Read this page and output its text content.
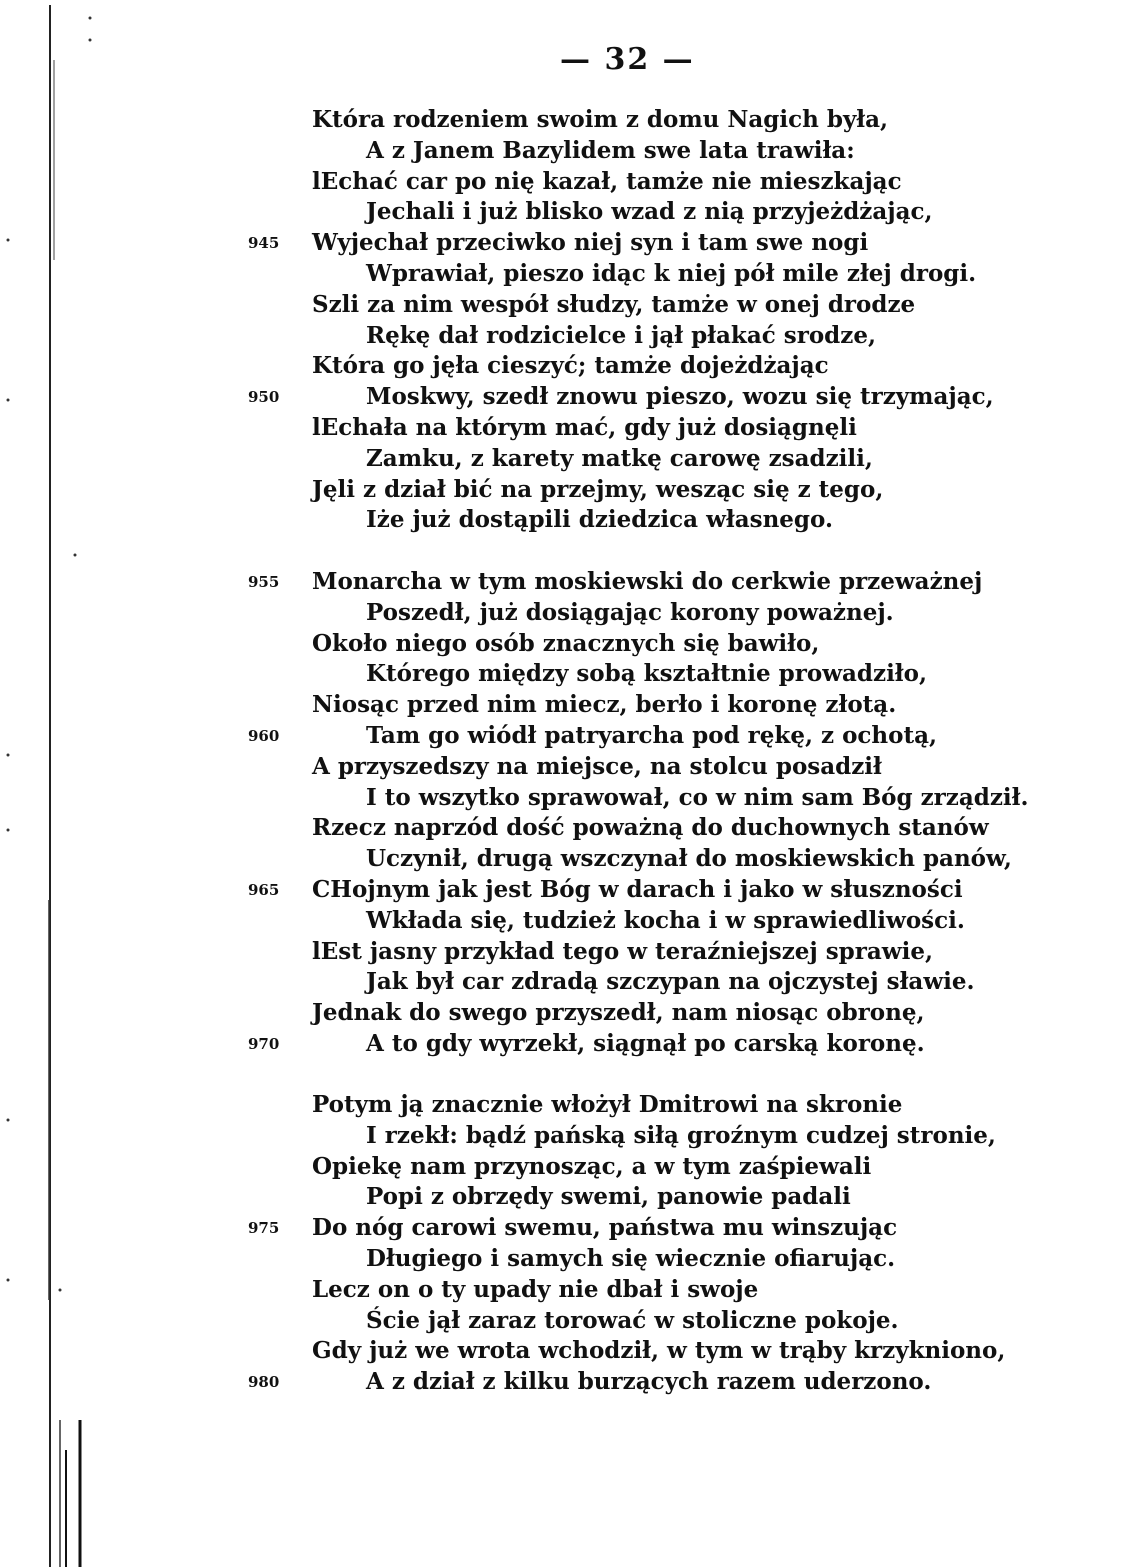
— 32 —
Która rodzeniem swoim z domu Nagich była,
A z Janem Bazylidem swe lata trawiła:
lEchać car po nię kazał, tamże nie mieszkając
Jechali i już blisko wzad z nią przyjeżdżając,
945 Wyjechał przeciwko niej syn i tam swe nogi
Wprawiał, pieszo idąc k niej pół mile złej drogi.
Szli za nim wespół słudzy, tamże w onej drodze
Rękę dał rodzicielce i jął płakać srodze,
Która go jęła cieszyć; tamże dojeżdżając
950	Moskwy, szedł znowu pieszo, wozu się trzymając,
lEchała na którym mać, gdy już dosiągnęli
Zamku, z karety matkę carowę zsadzili,
Jęli z dział bić na przejmy, wesząc się z tego,
Iże już dostąpili dziedzica własnego.
955 Monarcha w tym moskiewski do cerkwie przeważnej
Poszedł, już dosiągając korony poważnej.
Około niego osób znacznych się bawiło,
Którego między sobą kształtnie prowadziło,
Niosąc przed nim miecz, berło i koronę złotą.
960	Tam go wiódł patryarcha pod rękę, z ochotą,
A przyszedszy na miejsce, na stolcu posadził
I to wszytko sprawował, co w nim sam Bóg zrządził.
Rzecz naprzód dość poważną do duchownych stanów
Uczynił, drugą wszczynał do moskiewskich panów,
965 CHojnym jak jest Bóg w darach i jako w słuszności
Wkłada się, tudzież kocha i w sprawiedliwości.
lEst jasny przykład tego w teraźniejszej sprawie,
Jak był car zdradą szczypan na ojczystej sławie.
Jednak do swego przyszedł, nam niosąc obronę,
970	A to gdy wyrzekł, siągnął po carską koronę.
Potym ją znacznie włożył Dmitrowi na skronie
I rzekł: bądź pańską siłą groźnym cudzej stronie,
Opiekę nam przynosząc, a w tym zaśpiewali
Popi z obrzędy swemi, panowie padali
975 Do nóg carowi swemu, państwa mu winszując
Długiego i samych się wiecznie ofiarując.
Lecz on o ty upady nie dbał i swoje
Ście jął zaraz torować w stoliczne pokoje.
Gdy już we wrota wchodził, w tym w trąby krzykniono,
980	A z dział z kilku burzących razem uderzono.
